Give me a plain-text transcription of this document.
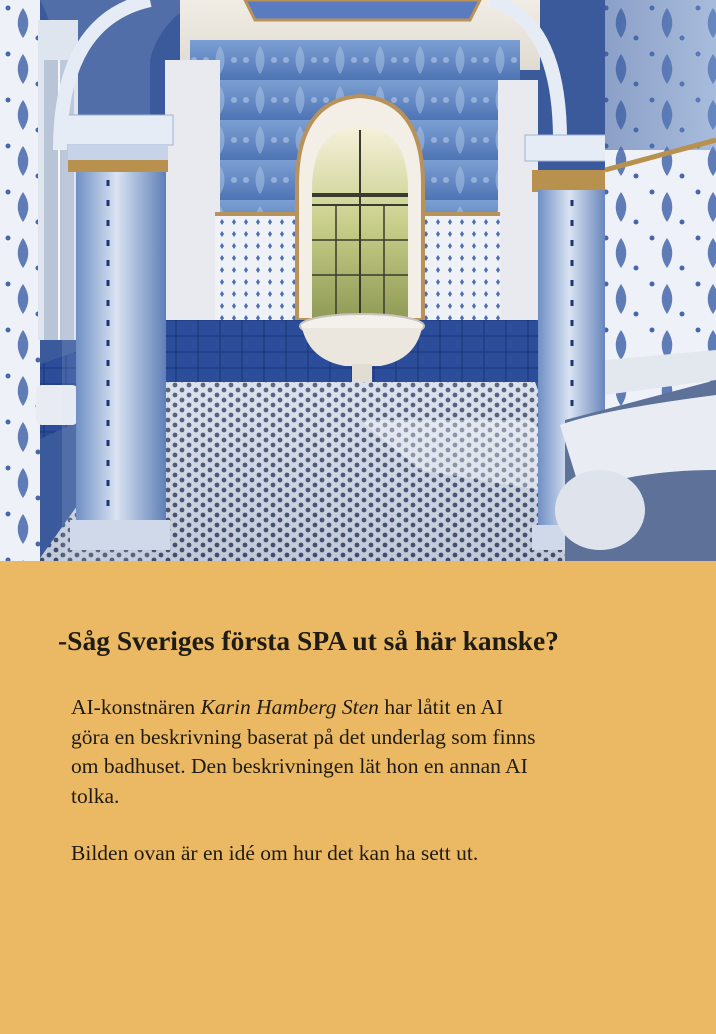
-Såg Sveriges första SPA ut så här kanske?

AI-konstnären Karin Hamberg Sten har låtit en AI
göra en beskrivning baserat på det underlag som finns
om badhuset. Den beskrivningen lät hon en annan AI
tolka.

Bilden ovan är en idé om hur det kan ha sett ut.
